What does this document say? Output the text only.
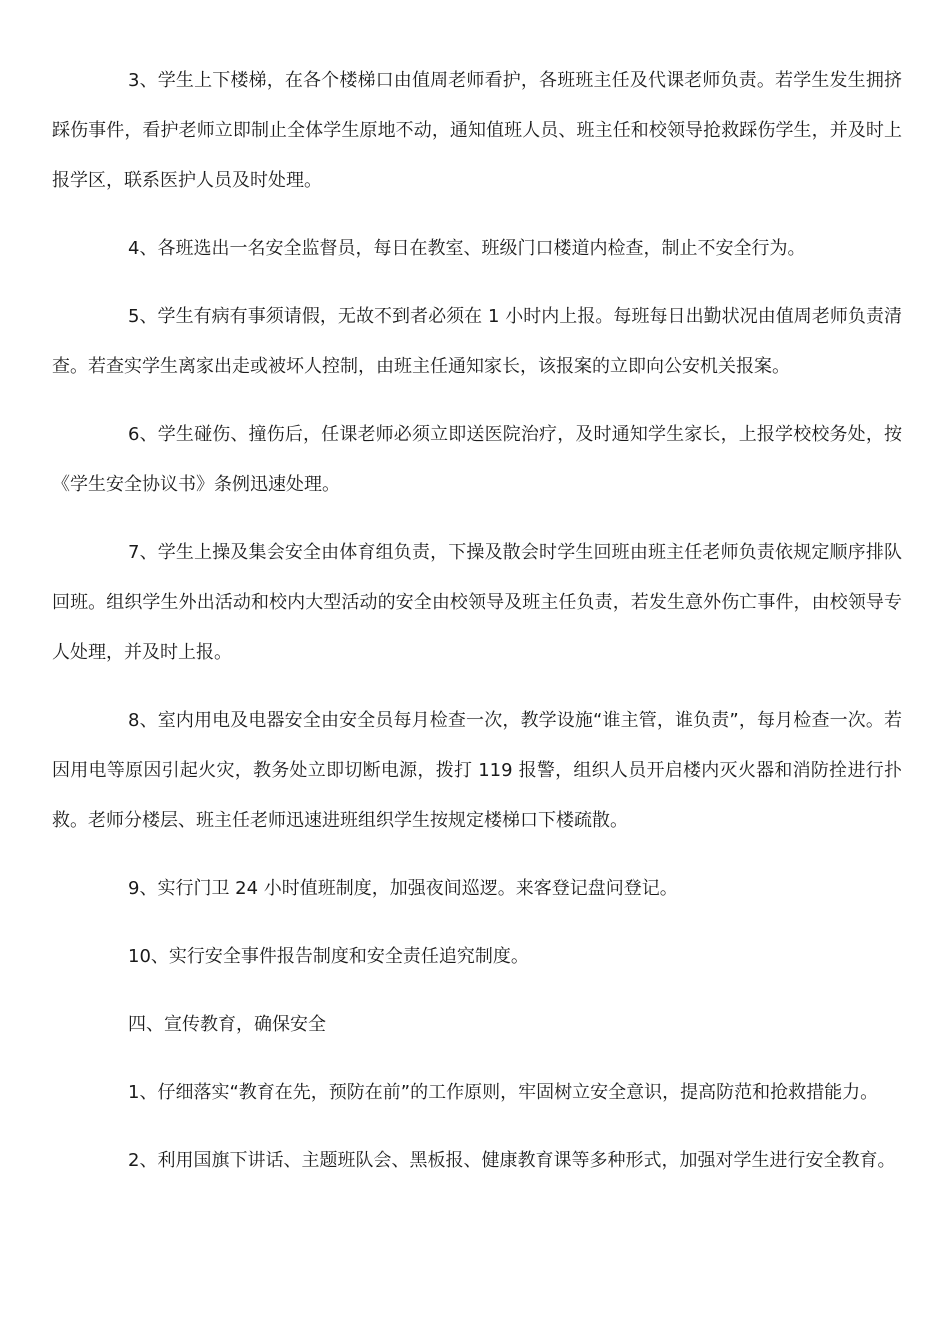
3、学生上下楼梯，在各个楼梯口由值周老师看护，各班班主任及代课老师负责。若学生发生拥挤踩伤事件，看护老师立即制止全体学生原地不动，通知值班人员、班主任和校领导抢救踩伤学生，并及时上报学区，联系医护人员及时处理。

4、各班选出一名安全监督员，每日在教室、班级门口楼道内检查，制止不安全行为。

5、学生有病有事须请假，无故不到者必须在 1 小时内上报。每班每日出勤状况由值周老师负责清查。若查实学生离家出走或被坏人控制，由班主任通知家长，该报案的立即向公安机关报案。

6、学生碰伤、撞伤后，任课老师必须立即送医院治疗，及时通知学生家长，上报学校校务处，按《学生安全协议书》条例迅速处理。

7、学生上操及集会安全由体育组负责，下操及散会时学生回班由班主任老师负责依规定顺序排队回班。组织学生外出活动和校内大型活动的安全由校领导及班主任负责，若发生意外伤亡事件，由校领导专人处理，并及时上报。

8、室内用电及电器安全由安全员每月检查一次，教学设施“谁主管，谁负责”，每月检查一次。若因用电等原因引起火灾，教务处立即切断电源，拨打 119 报警，组织人员开启楼内灭火器和消防拴进行扑救。老师分楼层、班主任老师迅速进班组织学生按规定楼梯口下楼疏散。

9、实行门卫 24 小时值班制度，加强夜间巡逻。来客登记盘问登记。

10、实行安全事件报告制度和安全责任追究制度。

四、宣传教育，确保安全

1、仔细落实“教育在先，预防在前”的工作原则，牢固树立安全意识，提高防范和抢救措能力。

2、利用国旗下讲话、主题班队会、黑板报、健康教育课等多种形式，加强对学生进行安全教育。
